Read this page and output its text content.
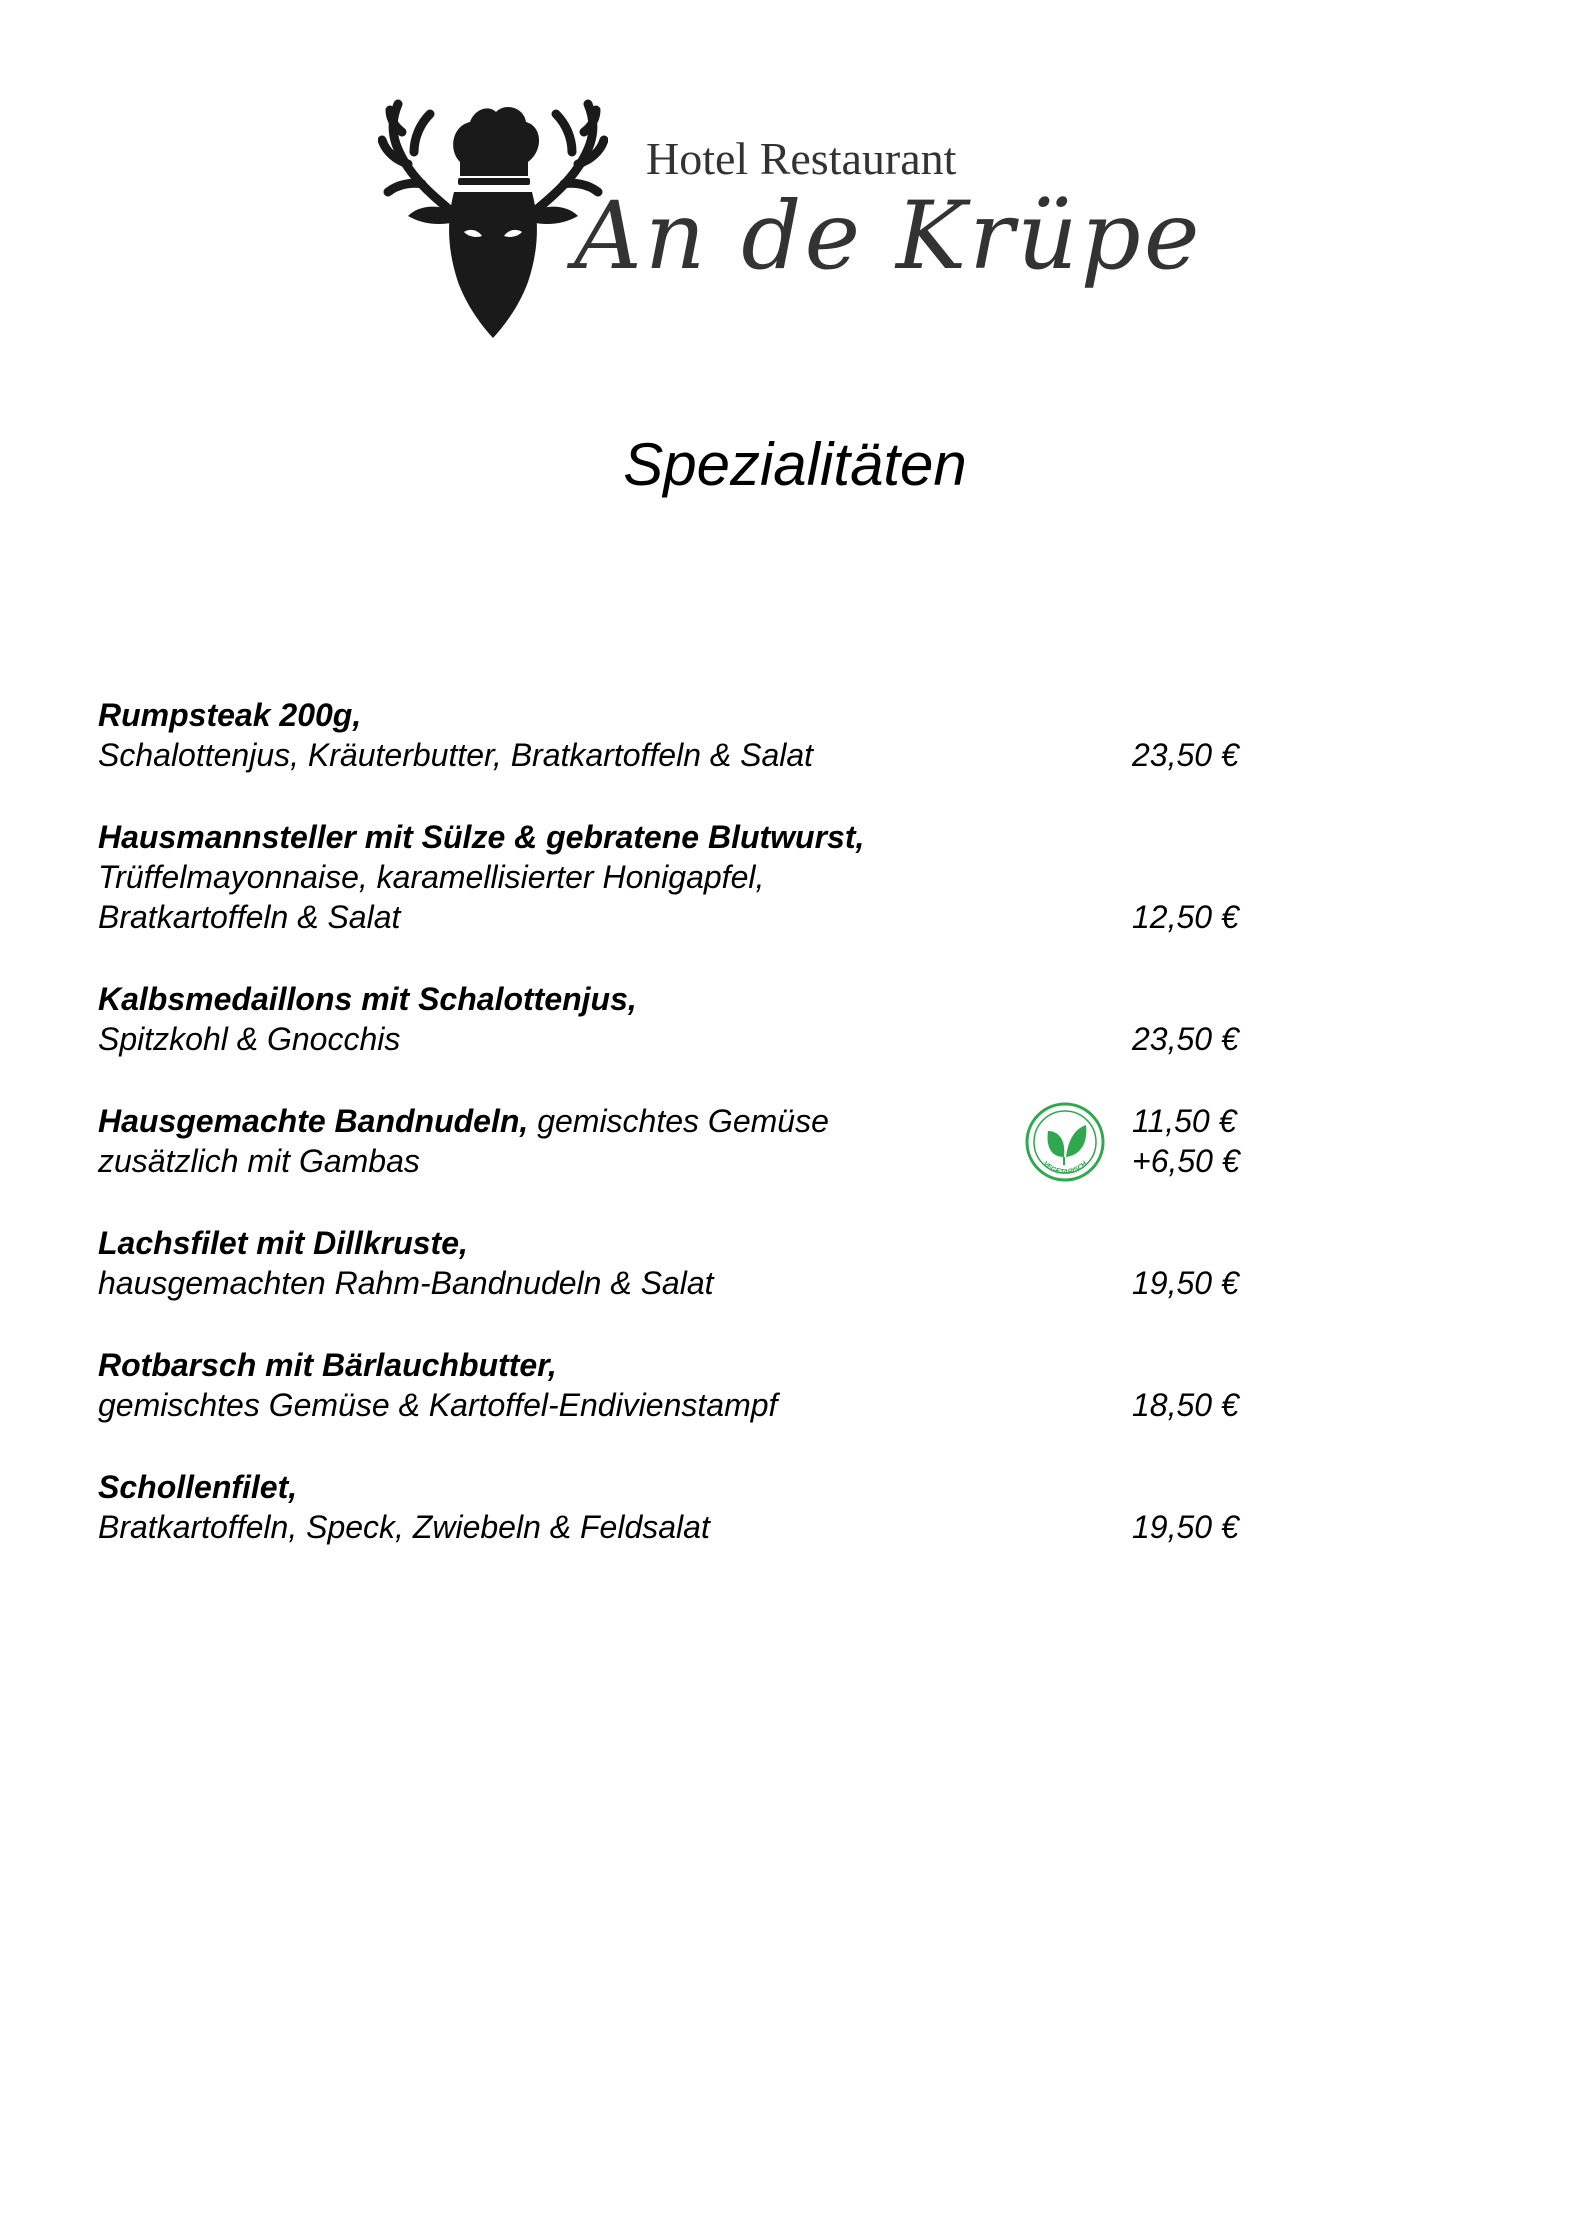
Hotel Restaurant
An de Krüpe
Spezialitäten
Rumpsteak 200g,
Schalottenjus, Kräuterbutter, Bratkartoffeln & Salat	23,50 €
Hausmannsteller mit Sülze & gebratene Blutwurst,
Trüffelmayonnaise, karamellisierter Honigapfel,
Bratkartoffeln & Salat	12,50 €
Kalbsmedaillons mit Schalottenjus,
Spitzkohl & Gnocchis	23,50 €
Hausgemachte Bandnudeln, gemischtes Gemüse
VEGETARISCH
11,50 €
zusätzlich mit Gambas	+6,50 €
Lachsfilet mit Dillkruste,
hausgemachten Rahm-Bandnudeln & Salat	19,50 €
Rotbarsch mit Bärlauchbutter,
gemischtes Gemüse & Kartoffel-Endivienstampf	18,50 €
Schollenfilet,
Bratkartoffeln, Speck, Zwiebeln & Feldsalat	19,50 €
